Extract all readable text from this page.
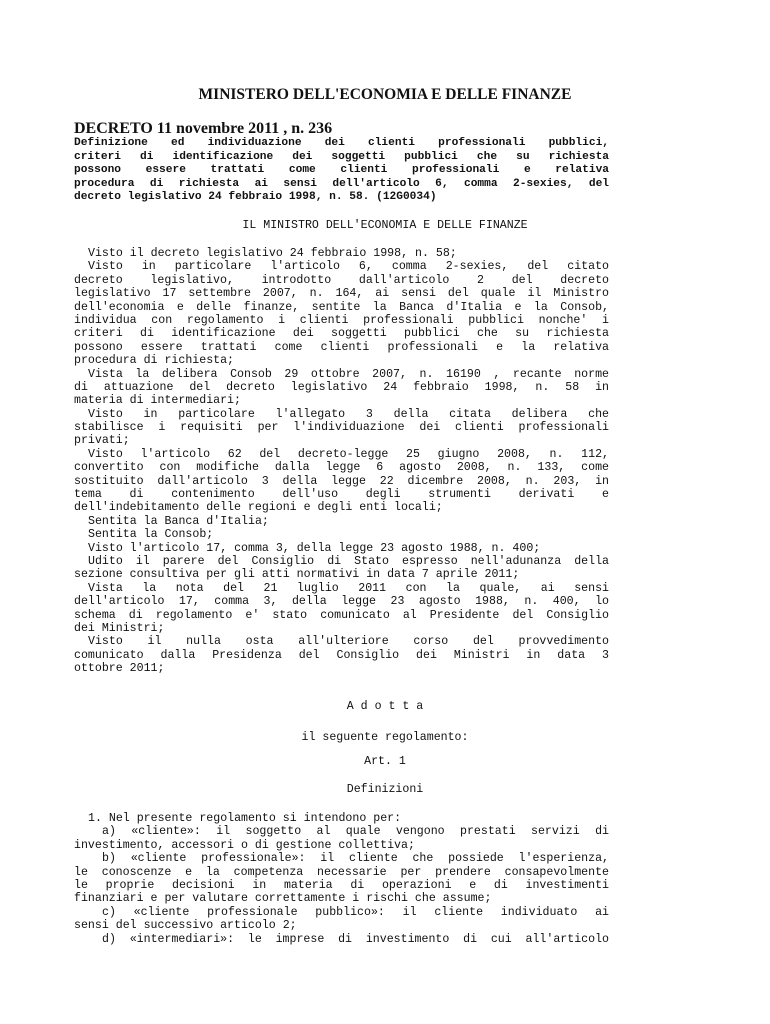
MINISTERO DELL'ECONOMIA E DELLE FINANZE
DECRETO 11 novembre 2011 , n. 236
Definizione ed individuazione dei clienti professionali pubblici,
criteri di identificazione dei soggetti pubblici che su richiesta
possono essere trattati come clienti professionali e relativa
procedura di richiesta ai sensi dell'articolo 6, comma 2-sexies, del
decreto legislativo 24 febbraio 1998, n. 58. (12G0034)
IL MINISTRO DELL'ECONOMIA E DELLE FINANZE
Visto il decreto legislativo 24 febbraio 1998, n. 58;
Visto in particolare l'articolo 6, comma 2-sexies, del citato
decreto legislativo, introdotto dall'articolo 2 del decreto
legislativo 17 settembre 2007, n. 164, ai sensi del quale il Ministro
dell'economia e delle finanze, sentite la Banca d'Italia e la Consob,
individua con regolamento i clienti professionali pubblici nonche' i
criteri di identificazione dei soggetti pubblici che su richiesta
possono essere trattati come clienti professionali e la relativa
procedura di richiesta;
Vista la delibera Consob 29 ottobre 2007, n. 16190 , recante norme
di attuazione del decreto legislativo 24 febbraio 1998, n. 58 in
materia di intermediari;
Visto in particolare l'allegato 3 della citata delibera che
stabilisce i requisiti per l'individuazione dei clienti professionali
privati;
Visto l'articolo 62 del decreto-legge 25 giugno 2008, n. 112,
convertito con modifiche dalla legge 6 agosto 2008, n. 133, come
sostituito dall'articolo 3 della legge 22 dicembre 2008, n. 203, in
tema di contenimento dell'uso degli strumenti derivati e
dell'indebitamento delle regioni e degli enti locali;
Sentita la Banca d'Italia;
Sentita la Consob;
Visto l'articolo 17, comma 3, della legge 23 agosto 1988, n. 400;
Udito il parere del Consiglio di Stato espresso nell'adunanza della
sezione consultiva per gli atti normativi in data 7 aprile 2011;
Vista la nota del 21 luglio 2011 con la quale, ai sensi
dell'articolo 17, comma 3, della legge 23 agosto 1988, n. 400, lo
schema di regolamento e' stato comunicato al Presidente del Consiglio
dei Ministri;
Visto il nulla osta all'ulteriore corso del provvedimento
comunicato dalla Presidenza del Consiglio dei Ministri in data 3
ottobre 2011;
A d o t t a
il seguente regolamento:
Art. 1
Definizioni
1. Nel presente regolamento si intendono per:
a) «cliente»: il soggetto al quale vengono prestati servizi di
investimento, accessori o di gestione collettiva;
b) «cliente professionale»: il cliente che possiede l'esperienza,
le conoscenze e la competenza necessarie per prendere consapevolmente
le proprie decisioni in materia di operazioni e di investimenti
finanziari e per valutare correttamente i rischi che assume;
c) «cliente professionale pubblico»: il cliente individuato ai
sensi del successivo articolo 2;
d) «intermediari»: le imprese di investimento di cui all'articolo
